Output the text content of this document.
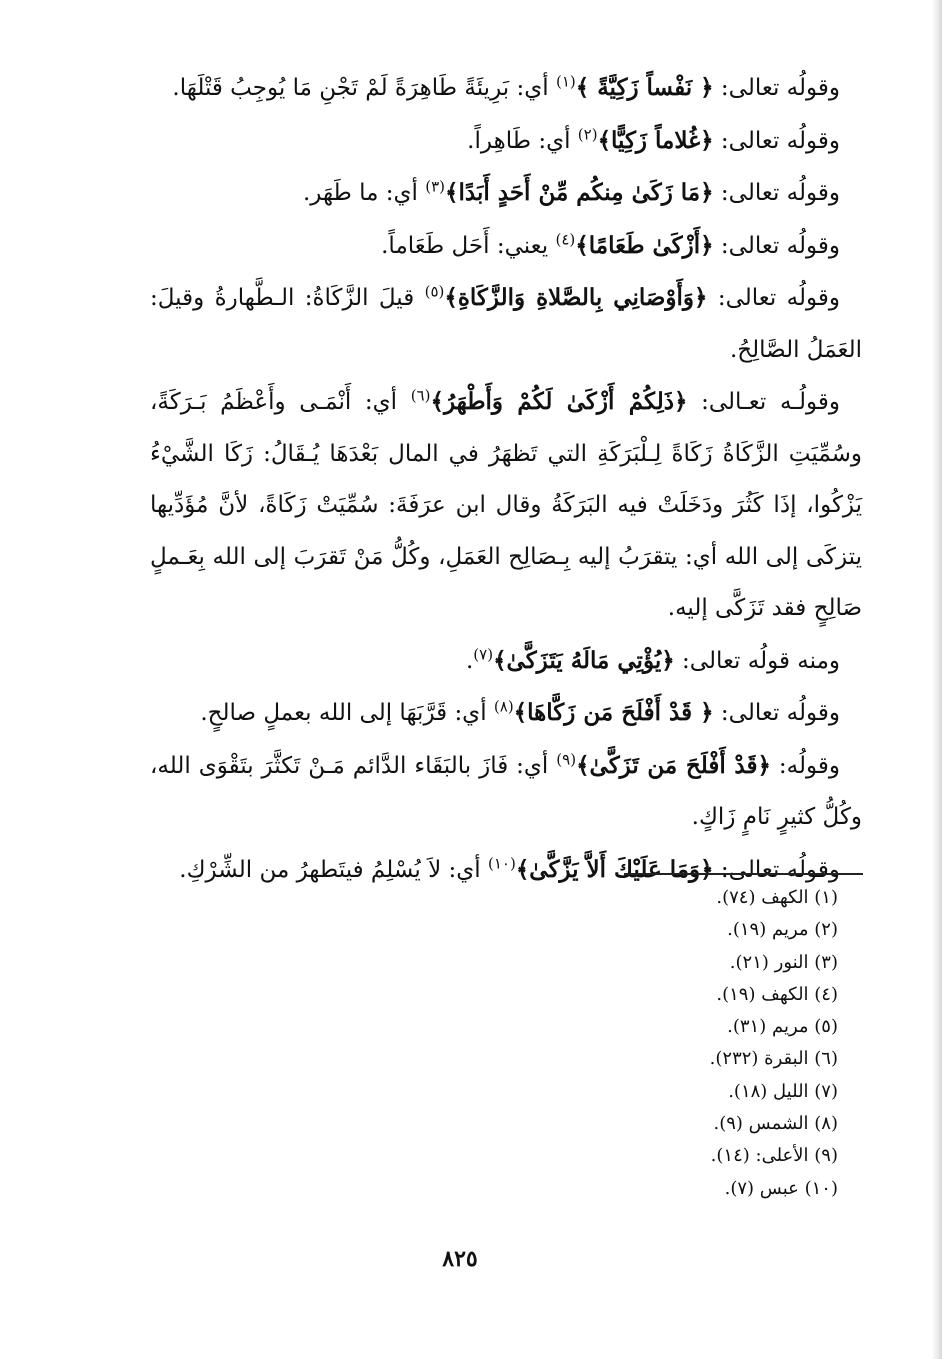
وقولُه تعالى: ﴿ نَفْساً زَكِيَّةً ﴾$^{(١)}$ أي: بَرِيئَةً طَاهِرَةً لَمْ تَجْنِ مَا يُوجِبُ قَتْلَهَا.

وقولُه تعالى: ﴿غُلاماً زَكِيًّا﴾$^{(٢)}$ أي: طَاهِراً.

وقولُه تعالى: ﴿مَا زَكَىٰ مِنكُم مِّنْ أَحَدٍ أَبَدًا﴾$^{(٣)}$ أي: ما طَهَر.

وقولُه تعالى: ﴿أَزْكَىٰ طَعَامًا﴾$^{(٤)}$ يعني: أَحَل طَعَاماً.

وقولُه تعالى: ﴿وَأَوْصَانِي بِالصَّلاةِ وَالزَّكَاةِ﴾$^{(٥)}$ قيلَ الزَّكَاةُ: الـطَّهارةُ وقيلَ: العَمَلُ الصَّالِحُ.

وقولُـه تعـالى: ﴿ذَلِكُمْ أَزْكَىٰ لَكُمْ وَأَطْهَرُ﴾$^{(٦)}$ أي: أَنْمَـى وأَعْظَمُ بَـرَكَةً، وسُمِّيَتِ الزَّكَاةُ زَكَاةً لِـلْبَرَكَةِ التي تَظهَرُ في المال بَعْدَهَا يُـقَالُ: زَكَا الشَّيْءُ يَزْكُوا، إذَا كَثُرَ ودَخَلَتْ فيه البَرَكَةُ وقال ابن عرَفَةَ: سُمِّيَتْ زَكَاةً، لأنَّ مُؤَدِّيها يتزكَى إلى الله أي: يتقرَبُ إليه بِـصَالِح العَمَلِ، وكُلُّ مَنْ تَقرَبَ إلى الله بِعَـملٍ صَالِحٍ فقد تَزَكَّى إليه.

ومنه قولُه تعالى: ﴿يُؤْتِي مَالَهُ يَتَزَكَّىٰ﴾$^{(٧)}$.

وقولُه تعالى: ﴿ قَدْ أَفْلَحَ مَن زَكَّاهَا﴾$^{(٨)}$ أي: قَرَّبَهَا إلى الله بعملٍ صالحٍ.

وقولُه: ﴿قَدْ أَفْلَحَ مَن تَزَكَّىٰ﴾$^{(٩)}$ أي: فَازَ بالبَقَاء الدَّائم مَـنْ تَكثَّرَ بتَقْوَى الله، وكُلُّ كثيرٍ نَامٍ زَاكٍ.

وقولُه تعالى: ﴿وَمَا عَلَيْكَ أَلاَّ يَزَّكَّىٰ﴾$^{(١٠)}$ أي: لاَ يُسْلِمُ فيتَطهرُ من الشِّرْكِ.

(١) الكهف (٧٤).
(٢) مريم (١٩).
(٣) النور (٢١).
(٤) الكهف (١٩).
(٥) مريم (٣١).
(٦) البقرة (٢٣٢).
(٧) الليل (١٨).
(٨) الشمس (٩).
(٩) الأعلى: (١٤).
(١٠) عبس (٧).
٨٢٥
